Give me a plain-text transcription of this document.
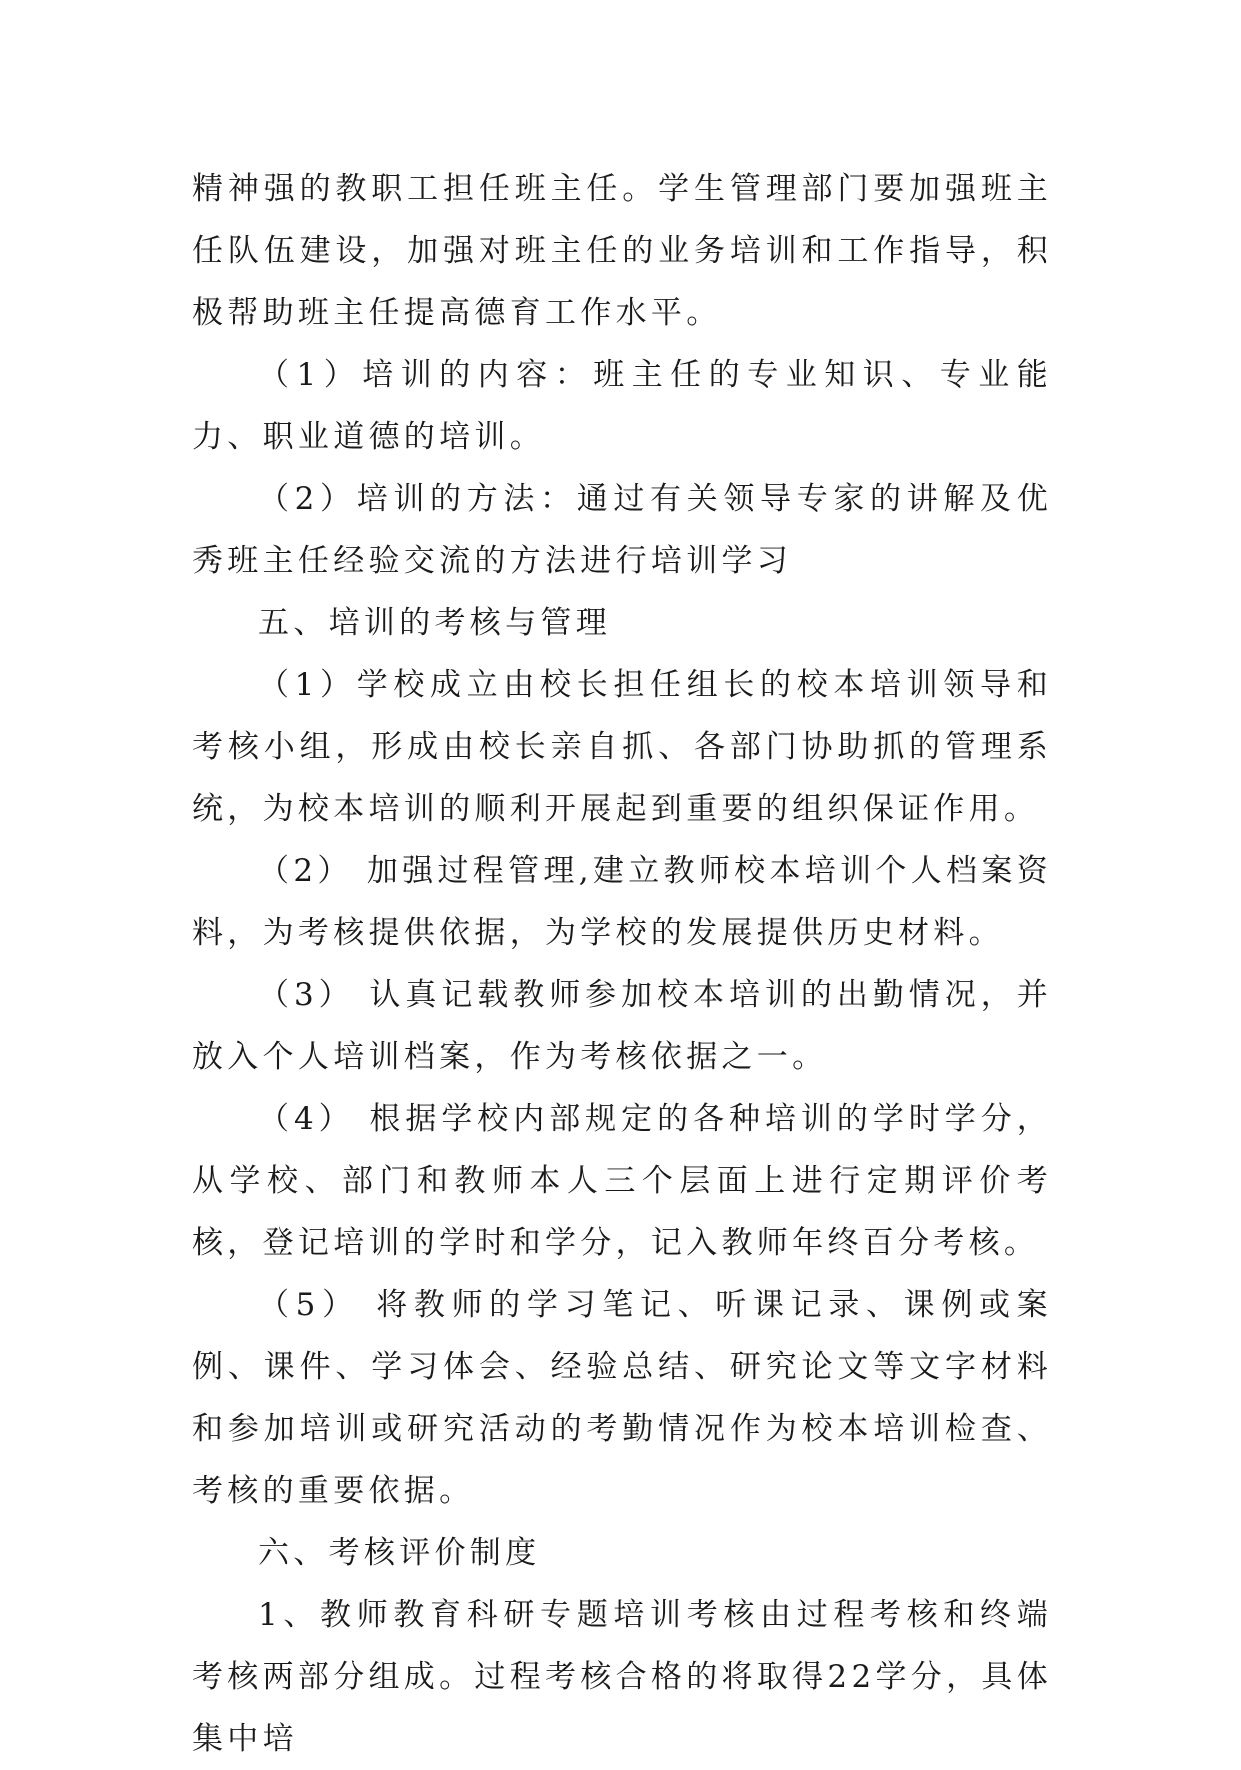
精神强的教职工担任班主任。学生管理部门要加强班主任队伍建设，加强对班主任的业务培训和工作指导，积极帮助班主任提高德育工作水平。

（1）培训的内容：班主任的专业知识、专业能力、职业道德的培训。

（2）培训的方法：通过有关领导专家的讲解及优秀班主任经验交流的方法进行培训学习

五、培训的考核与管理

（1）学校成立由校长担任组长的校本培训领导和考核小组，形成由校长亲自抓、各部门协助抓的管理系统，为校本培训的顺利开展起到重要的组织保证作用。

（2） 加强过程管理,建立教师校本培训个人档案资料，为考核提供依据，为学校的发展提供历史材料。

（3） 认真记载教师参加校本培训的出勤情况，并放入个人培训档案，作为考核依据之一。

（4） 根据学校内部规定的各种培训的学时学分，从学校、部门和教师本人三个层面上进行定期评价考核，登记培训的学时和学分，记入教师年终百分考核。

（5） 将教师的学习笔记、听课记录、课例或案例、课件、学习体会、经验总结、研究论文等文字材料和参加培训或研究活动的考勤情况作为校本培训检查、考核的重要依据。

六、考核评价制度

1、教师教育科研专题培训考核由过程考核和终端考核两部分组成。过程考核合格的将取得22学分，具体集中培
